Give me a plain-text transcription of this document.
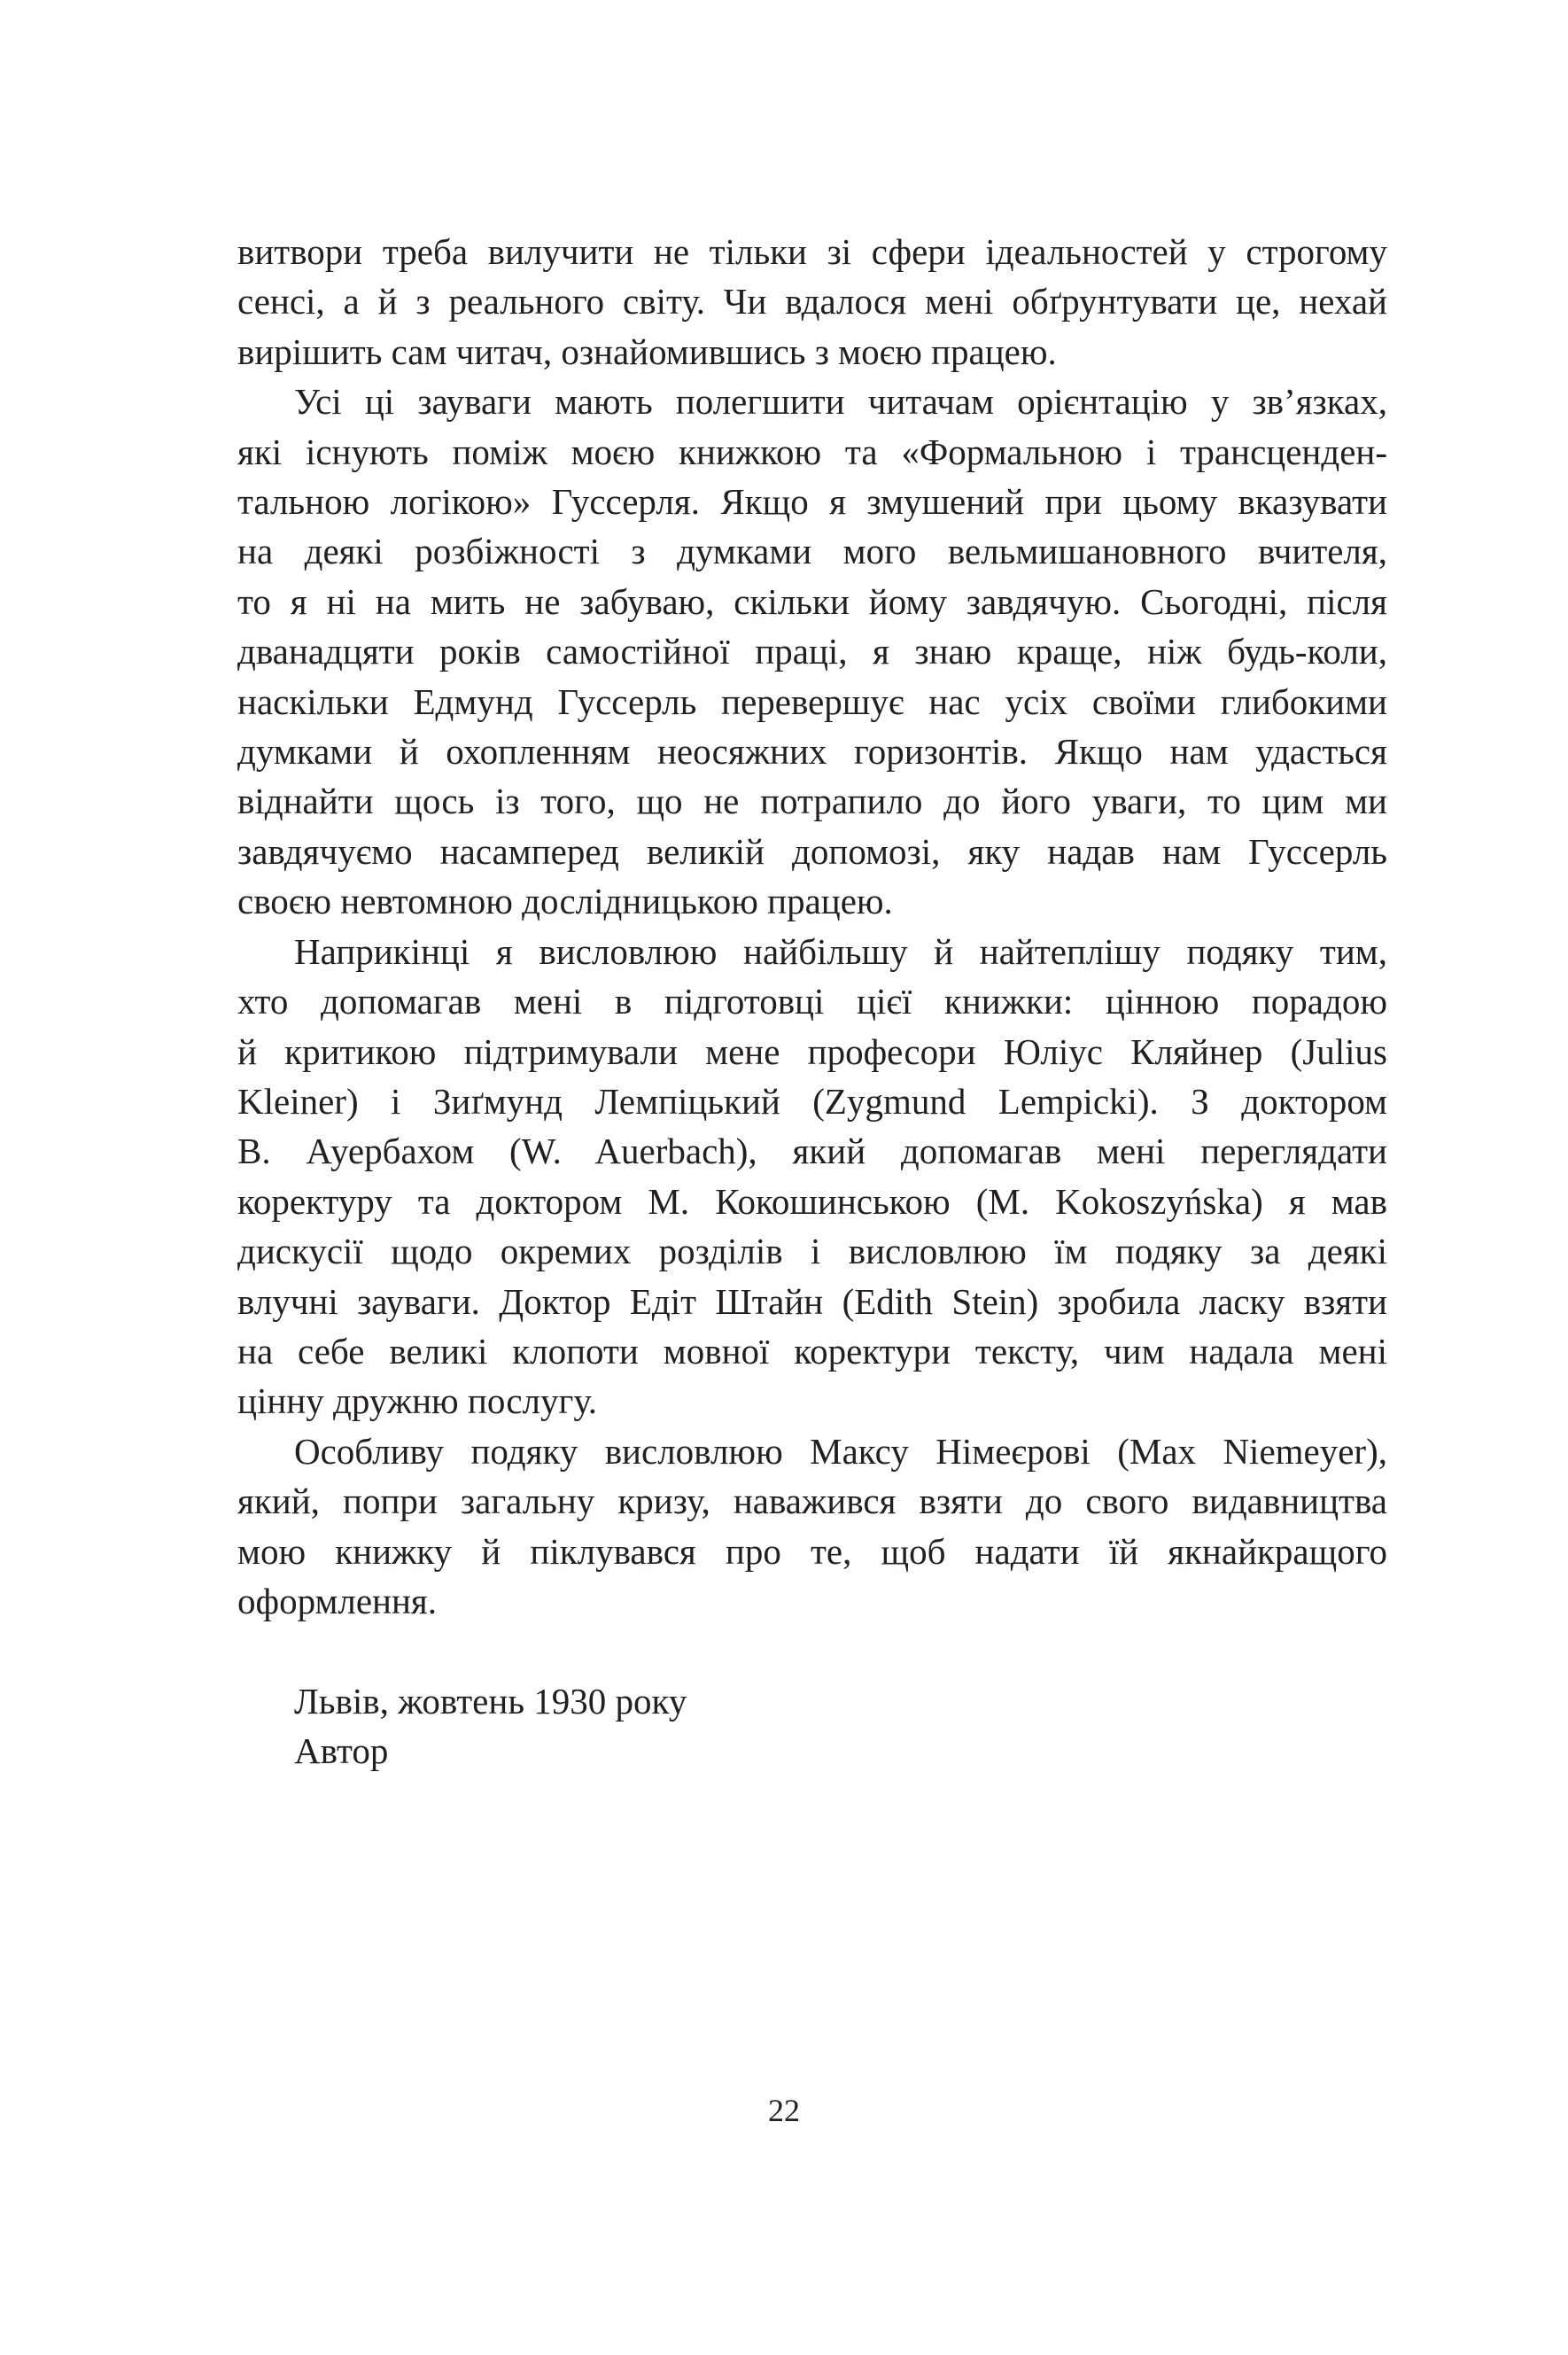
витвори треба вилучити не тільки зі сфери ідеальностей у строгому
сенсі, а й з реального світу. Чи вдалося мені обґрунтувати це, нехай
вирішить сам читач, ознайомившись з моєю працею.
Усі ці зауваги мають полегшити читачам орієнтацію у зв’язках,
які існують поміж моєю книжкою та «Формальною і трансценден-
тальною логікою» Гуссерля. Якщо я змушений при цьому вказувати
на деякі розбіжності з думками мого вельмишановного вчителя,
то я ні на мить не забуваю, скільки йому завдячую. Сьогодні, після
дванадцяти років самостійної праці, я знаю краще, ніж будь-коли,
наскільки Едмунд Гуссерль перевершує нас усіх своїми глибокими
думками й охопленням неосяжних горизонтів. Якщо нам удасться
віднайти щось із того, що не потрапило до його уваги, то цим ми
завдячуємо насамперед великій допомозі, яку надав нам Гуссерль
своєю невтомною дослідницькою працею.
Наприкінці я висловлюю найбільшу й найтеплішу подяку тим,
хто допомагав мені в підготовці цієї книжки: цінною порадою
й критикою підтримували мене професори Юліус Кляйнер (Julius
Kleiner) і Зиґмунд Лемпіцький (Zygmund Lempicki). З доктором
В. Ауербахом (W. Auerbach), який допомагав мені переглядати
коректуру та доктором М. Кокошинською (M. Kokoszyńska) я мав
дискусії щодо окремих розділів і висловлюю їм подяку за деякі
влучні зауваги. Доктор Едіт Штайн (Edith Stein) зробила ласку взяти
на себе великі клопоти мовної коректури тексту, чим надала мені
цінну дружню послугу.
Особливу подяку висловлюю Максу Німеєрові (Max Niemeyer),
який, попри загальну кризу, наважився взяти до свого видавництва
мою книжку й піклувався про те, щоб надати їй якнайкращого
оформлення.
Львів, жовтень 1930 року
Автор
22
